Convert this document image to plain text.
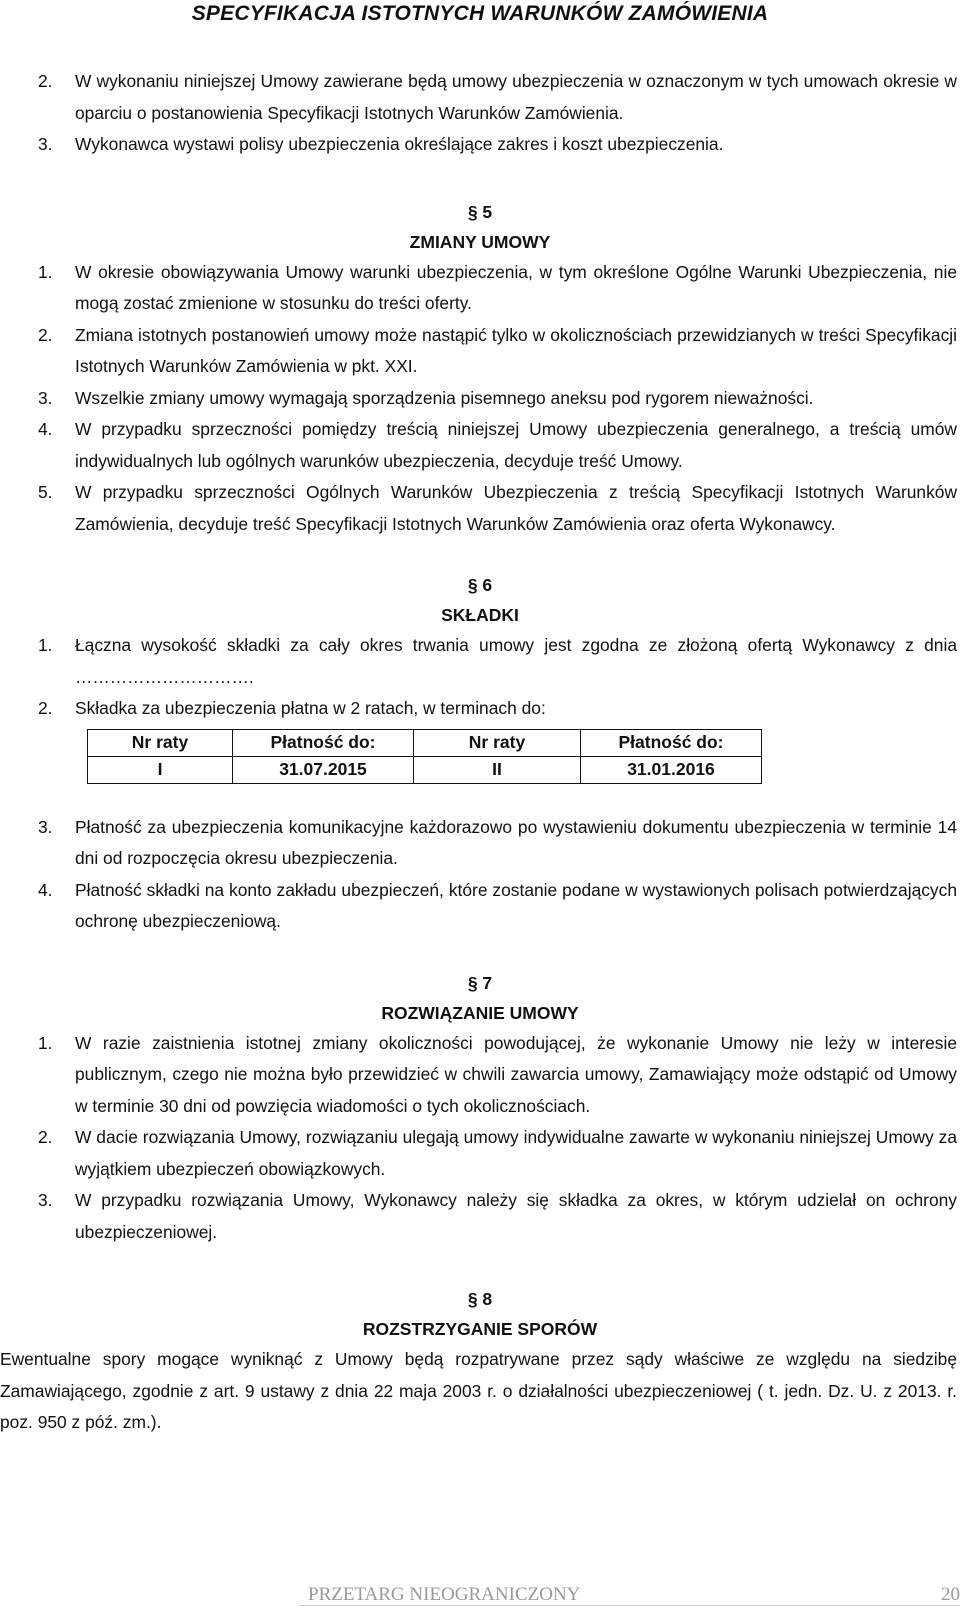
SPECYFIKACJA ISTOTNYCH WARUNKÓW ZAMÓWIENIA
2. W wykonaniu niniejszej Umowy zawierane będą umowy ubezpieczenia w oznaczonym w tych umowach okresie w oparciu o postanowienia Specyfikacji Istotnych Warunków Zamówienia.
3. Wykonawca wystawi polisy ubezpieczenia określające zakres i koszt ubezpieczenia.
§ 5
ZMIANY UMOWY
1. W okresie obowiązywania Umowy warunki ubezpieczenia, w tym określone Ogólne Warunki Ubezpieczenia, nie mogą zostać zmienione w stosunku do treści oferty.
2. Zmiana istotnych postanowień umowy może nastąpić tylko w okolicznościach przewidzianych w treści Specyfikacji Istotnych Warunków Zamówienia w pkt. XXI.
3. Wszelkie zmiany umowy wymagają sporządzenia pisemnego aneksu pod rygorem nieważności.
4. W przypadku sprzeczności pomiędzy treścią niniejszej Umowy ubezpieczenia generalnego, a treścią umów indywidualnych lub ogólnych warunków ubezpieczenia, decyduje treść Umowy.
5. W przypadku sprzeczności Ogólnych Warunków Ubezpieczenia z treścią Specyfikacji Istotnych Warunków Zamówienia, decyduje treść Specyfikacji Istotnych Warunków Zamówienia oraz oferta Wykonawcy.
§ 6
SKŁADKI
1. Łączna wysokość składki za cały okres trwania umowy jest zgodna ze złożoną ofertą Wykonawcy z dnia ………………………….
2. Składka za ubezpieczenia płatna w 2 ratach, w terminach do:
Nr raty	Płatność do:	Nr raty	Płatność do:
I	31.07.2015	II	31.01.2016
3. Płatność za ubezpieczenia komunikacyjne każdorazowo po wystawieniu dokumentu ubezpieczenia w terminie 14 dni od rozpoczęcia okresu ubezpieczenia.
4. Płatność składki na konto zakładu ubezpieczeń, które zostanie podane w wystawionych polisach potwierdzających ochronę ubezpieczeniową.
§ 7
ROZWIĄZANIE UMOWY
1. W razie zaistnienia istotnej zmiany okoliczności powodującej, że wykonanie Umowy nie leży w interesie publicznym, czego nie można było przewidzieć w chwili zawarcia umowy, Zamawiający może odstąpić od Umowy w terminie 30 dni od powzięcia wiadomości o tych okolicznościach.
2. W dacie rozwiązania Umowy, rozwiązaniu ulegają umowy indywidualne zawarte w wykonaniu niniejszej Umowy za wyjątkiem ubezpieczeń obowiązkowych.
3. W przypadku rozwiązania Umowy, Wykonawcy należy się składka za okres, w którym udzielał on ochrony ubezpieczeniowej.
§ 8
ROZSTRZYGANIE SPORÓW
Ewentualne spory mogące wyniknąć z Umowy będą rozpatrywane przez sądy właściwe ze względu na siedzibę Zamawiającego, zgodnie z art. 9 ustawy z dnia 22 maja 2003 r. o działalności ubezpieczeniowej ( t. jedn. Dz. U. z 2013. r. poz. 950 z póź. zm.).
PRZETARG NIEOGRANICZONY	20
